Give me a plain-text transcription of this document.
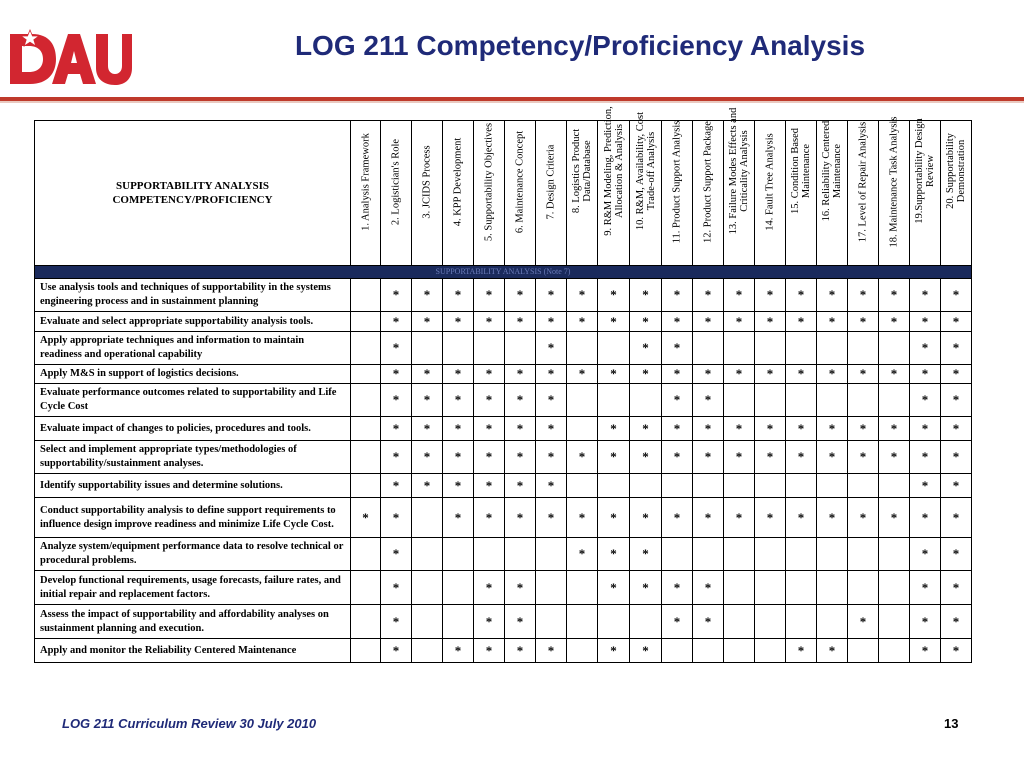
LOG 211 Competency/Proficiency Analysis
SUPPORTABILITY ANALYSIS
COMPETENCY/PROFICIENCY	1. Analysis Framework	2. Logistician's Role	3. JCIDS Process	4. KPP Development	5. Supportability Objectives	6. Maintenance Concept	7. Design Criteria	8. Logistics Product Data/Database	9. R&M Modeling, Prediction, Allocation & Analysis	10. R&M, Availability, Cost Trade-off Analysis	11. Product Support Analysis	12. Product Support Package	13. Failure Modes Effects and Criticality Analysis	14. Fault Tree Analysis	15. Condition Based Maintenance	16. Reliability Centered Maintenance	17. Level of Repair Analysis	18. Maintenance Task Analysis	19.Supportability Design Review	20. Supportability Demonstration

SUPPORTABILITY ANALYSIS (Note 7)																				
Use analysis tools and techniques of supportability in the systems engineering process and in sustainment planning		*	*	*	*	*	*	*	*	*	*	*	*	*	*	*	*	*	*	*
Evaluate and select appropriate supportability analysis tools.		*	*	*	*	*	*	*	*	*	*	*	*	*	*	*	*	*	*	*
Apply appropriate techniques and information to maintain readiness and operational capability		*					*			*	*								*	*
Apply M&S in support of logistics decisions.		*	*	*	*	*	*	*	*	*	*	*	*	*	*	*	*	*	*	*
Evaluate performance outcomes related to supportability and Life Cycle Cost		*	*	*	*	*	*				*	*							*	*
Evaluate impact of changes to policies, procedures and tools.		*	*	*	*	*	*		*	*	*	*	*	*	*	*	*	*	*	*
Select and implement appropriate types/methodologies of supportability/sustainment analyses.		*	*	*	*	*	*	*	*	*	*	*	*	*	*	*	*	*	*	*
Identify supportability issues and determine solutions.		*	*	*	*	*	*												*	*
Conduct supportability analysis to define support requirements to influence design improve readiness and minimize Life Cycle Cost.	*	*		*	*	*	*	*	*	*	*	*	*	*	*	*	*	*	*	*
Analyze system/equipment performance data to resolve technical or procedural problems.		*						*	*	*									*	*
Develop functional requirements, usage forecasts, failure rates, and initial repair and replacement factors.		*			*	*			*	*	*	*							*	*
Assess the impact of supportability and affordability analyses on sustainment planning and execution.		*			*	*					*	*					*		*	*
Apply and monitor the Reliability Centered Maintenance		*		*	*	*	*		*	*					*	*			*	*
LOG 211 Curriculum Review 30 July 2010	13
